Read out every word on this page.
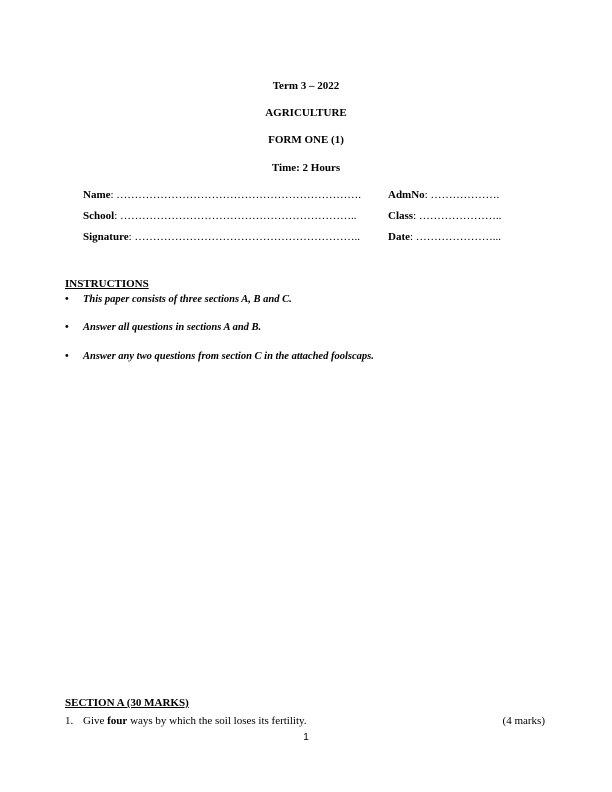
Term 3 – 2022
AGRICULTURE
FORM ONE (1)
Time: 2 Hours
Name: …………………………………………………………. AdmNo: ……………….
School: ………………………………………………………..	Class: …………………..
Signature: ……………………………………………………..	Date: …………………...
INSTRUCTIONS
• This paper consists of three sections A, B and C.
• Answer all questions in sections A and B.
• Answer any two questions from section C in the attached foolscaps.
SECTION A (30 MARKS)
1. Give four ways by which the soil loses its fertility.	(4 marks)
1
